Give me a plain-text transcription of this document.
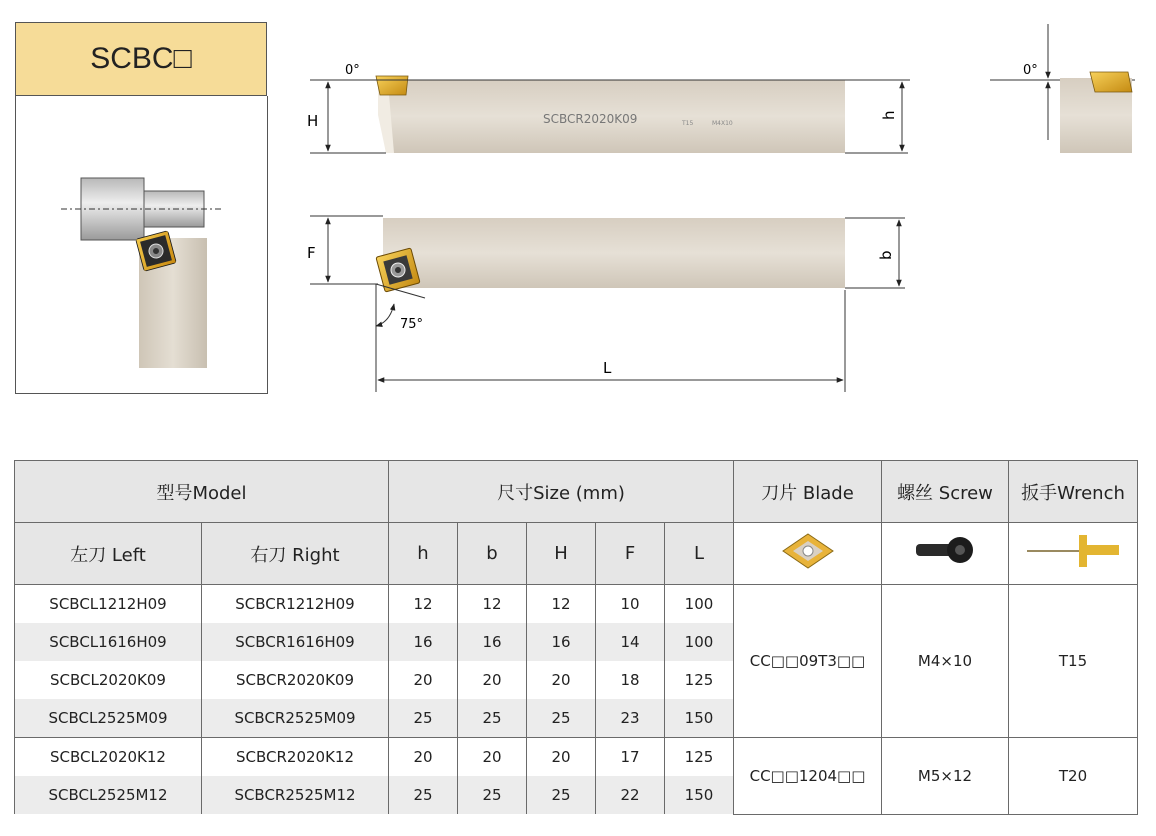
SCBC□
SCBCR2020K09	T15	M4X10
0°	0°
H	h
h
F	b
75°
L
型号Model		尺寸Size (mm)					刀片 Blade	螺丝 Screw	扳手Wrench
左刀 Left	右刀 Right	h	b	H	F	L			
SCBCL1212H09	SCBCR1212H09	12	12	12	10	100	CC□□09T3□□	M4×10	T15
SCBCL1616H09	SCBCR1616H09	16	16	16	14	100			
SCBCL2020K09	SCBCR2020K09	20	20	20	18	125			
SCBCL2525M09	SCBCR2525M09	25	25	25	23	150			
SCBCL2020K12	SCBCR2020K12	20	20	20	17	125	CC□□1204□□	M5×12	T20
SCBCL2525M12	SCBCR2525M12	25	25	25	22	150			
